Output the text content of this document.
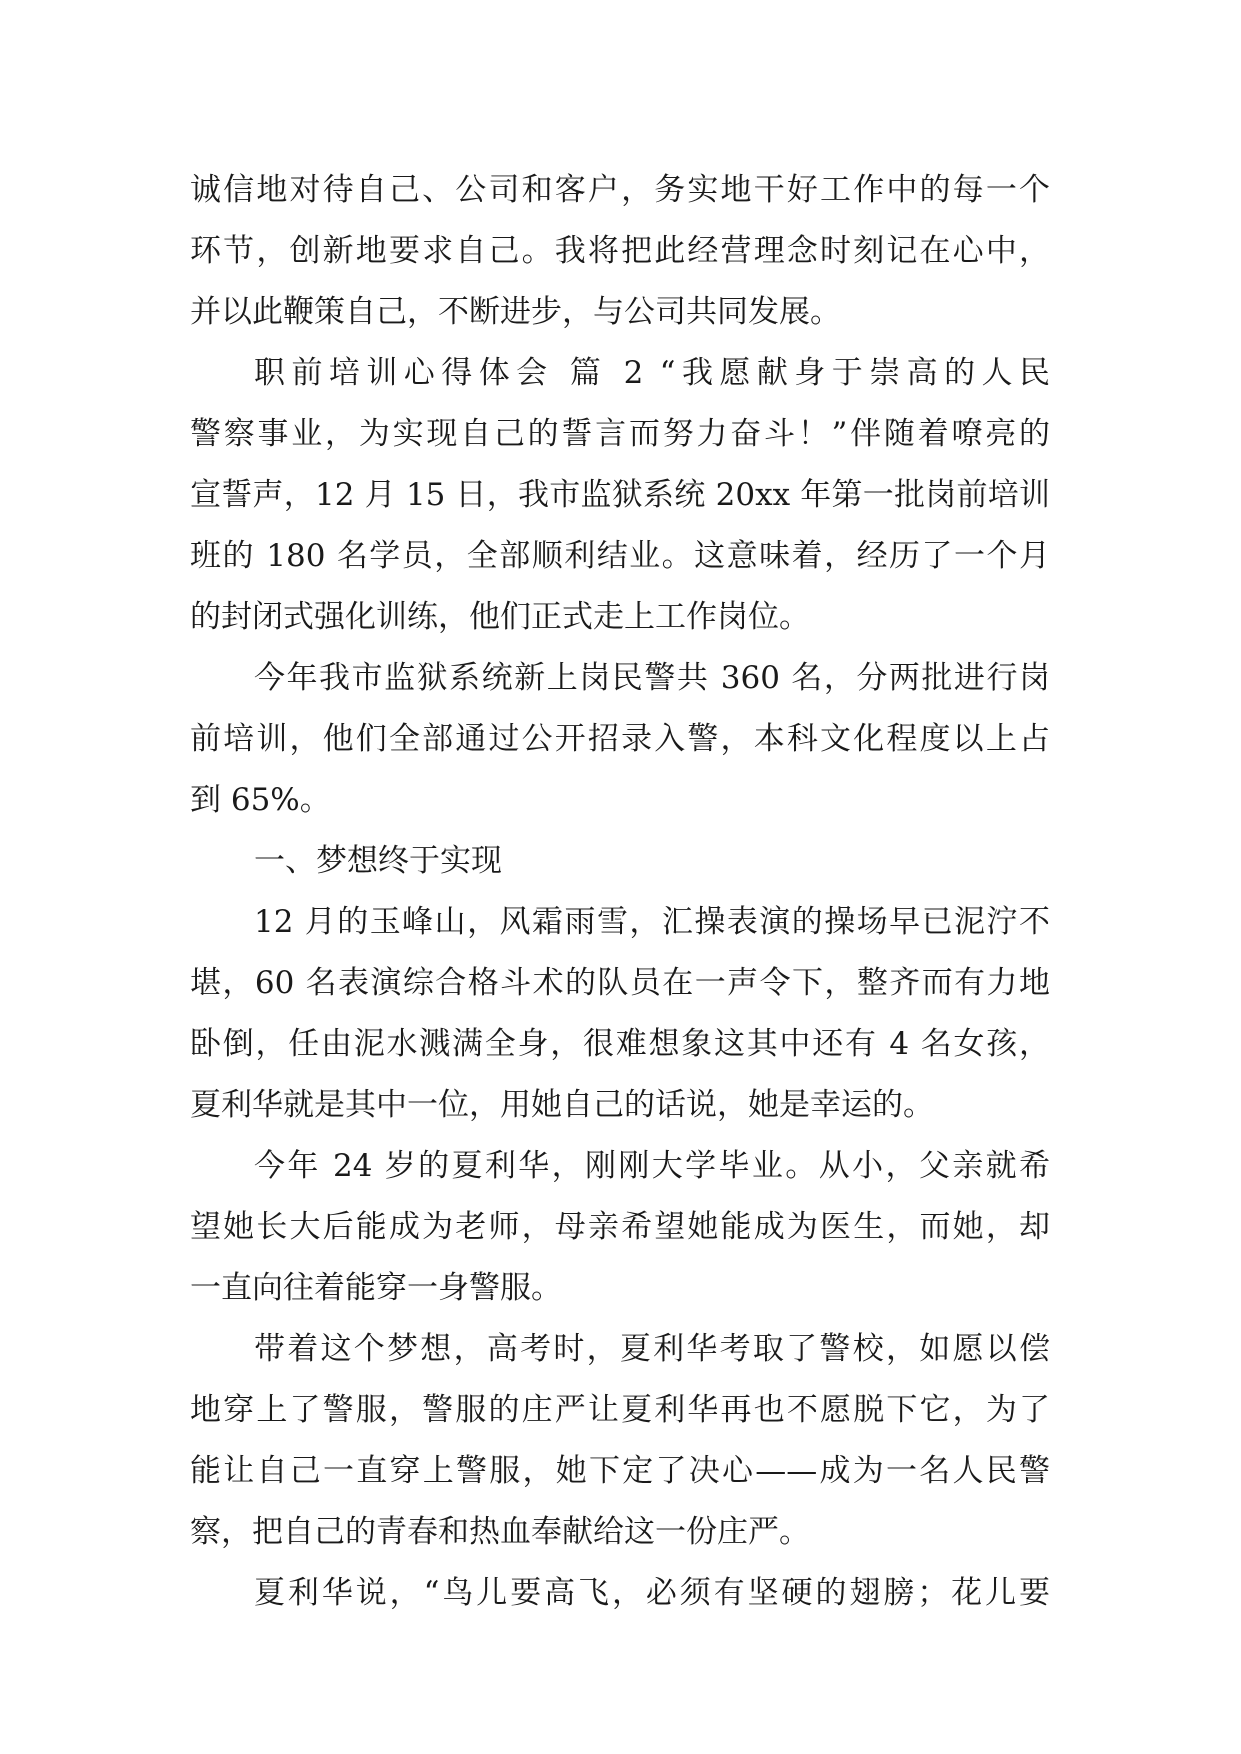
诚信地对待自己、公司和客户，务实地干好工作中的每一个
环节，创新地要求自己。我将把此经营理念时刻记在心中，
并以此鞭策自己，不断进步，与公司共同发展。
职前培训心得体会 篇 2 “我愿献身于崇高的人民
警察事业，为实现自己的誓言而努力奋斗！”伴随着嘹亮的
宣誓声，12 月 15 日，我市监狱系统 20xx 年第一批岗前培训
班的 180 名学员，全部顺利结业。这意味着，经历了一个月
的封闭式强化训练，他们正式走上工作岗位。
今年我市监狱系统新上岗民警共 360 名，分两批进行岗
前培训，他们全部通过公开招录入警，本科文化程度以上占
到 65%。
一、梦想终于实现
12 月的玉峰山，风霜雨雪，汇操表演的操场早已泥泞不
堪，60 名表演综合格斗术的队员在一声令下，整齐而有力地
卧倒，任由泥水溅满全身，很难想象这其中还有 4 名女孩，
夏利华就是其中一位，用她自己的话说，她是幸运的。
今年 24 岁的夏利华，刚刚大学毕业。从小，父亲就希
望她长大后能成为老师，母亲希望她能成为医生，而她，却
一直向往着能穿一身警服。
带着这个梦想，高考时，夏利华考取了警校，如愿以偿
地穿上了警服，警服的庄严让夏利华再也不愿脱下它，为了
能让自己一直穿上警服，她下定了决心——成为一名人民警
察，把自己的青春和热血奉献给这一份庄严。
夏利华说，“鸟儿要高飞，必须有坚硬的翅膀；花儿要
